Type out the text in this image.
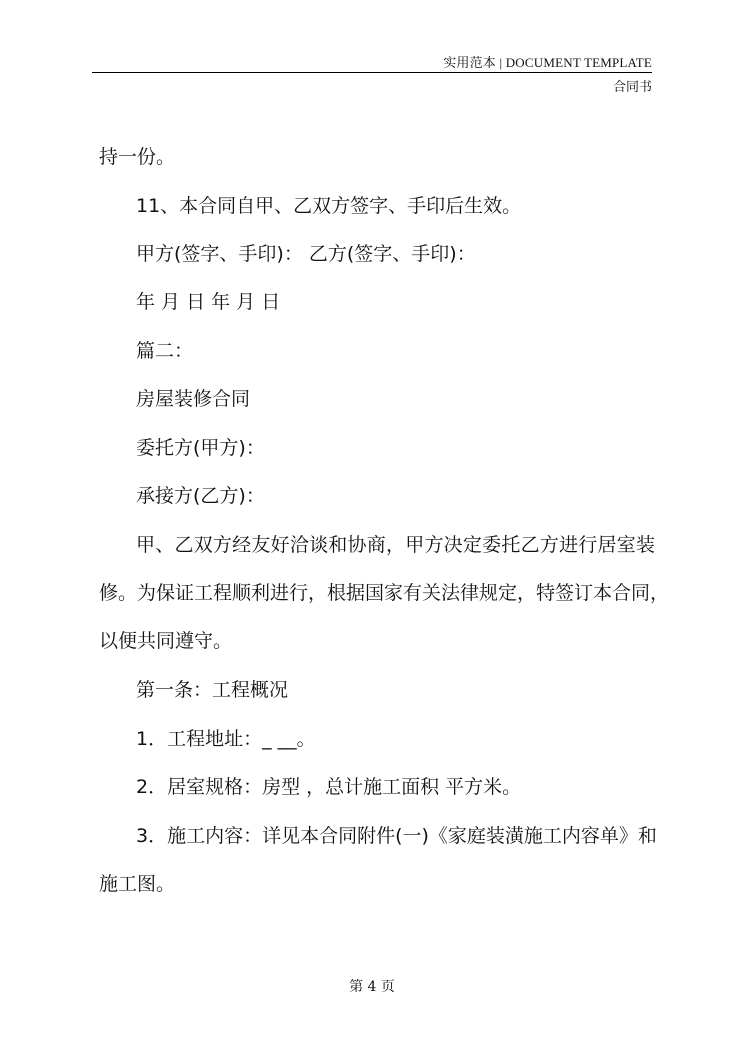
实用范本 | DOCUMENT TEMPLATE
合同书
持一份。
11、本合同自甲、乙双方签字、手印后生效。
甲方(签字、手印)： 乙方(签字、手印)：
年 月 日 年 月 日
篇二：
房屋装修合同
委托方(甲方)：
承接方(乙方)：
甲、乙双方经友好洽谈和协商，甲方决定委托乙方进行居室装
修。为保证工程顺利进行，根据国家有关法律规定，特签订本合同，
以便共同遵守。
第一条：工程概况
1．工程地址：_ __。
2．居室规格：房型 ，总计施工面积 平方米。
3．施工内容：详见本合同附件(一)《家庭装潢施工内容单》和
施工图。
第 4 页
